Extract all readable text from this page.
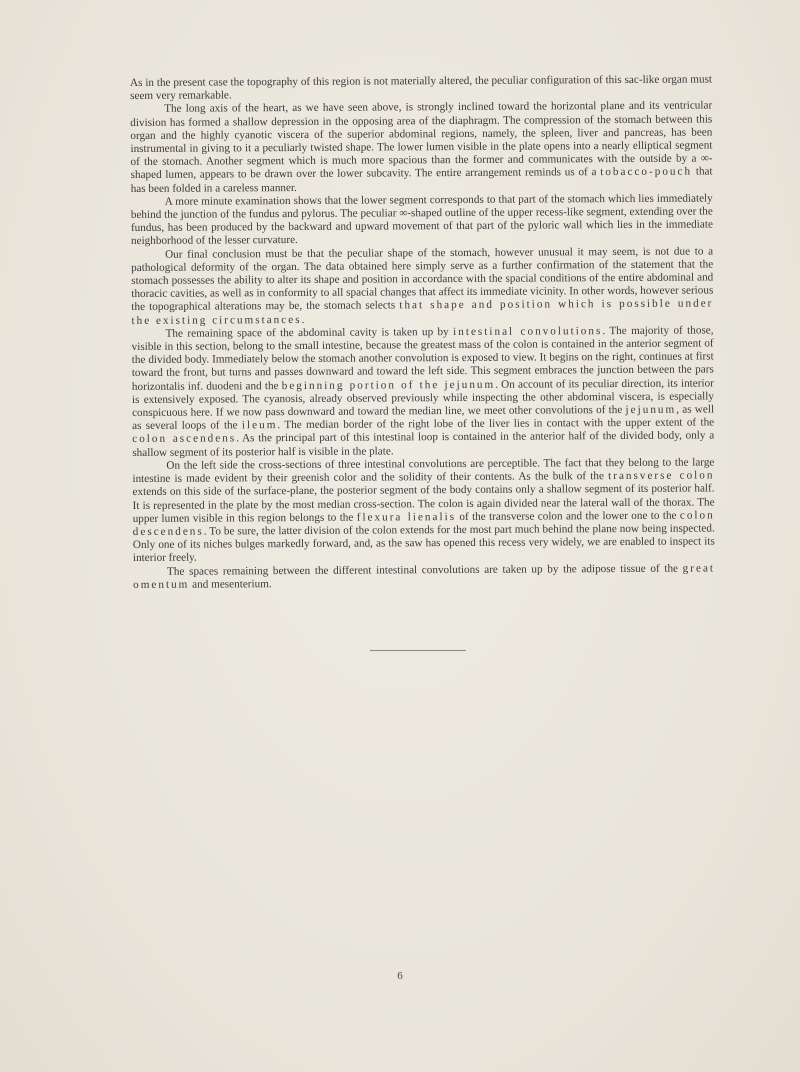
As in the present case the topography of this region is not materially altered, the peculiar configuration of this sac-like organ must seem very remarkable.

The long axis of the heart, as we have seen above, is strongly inclined toward the horizontal plane and its ventricular division has formed a shallow depression in the opposing area of the diaphragm. The compression of the stomach between this organ and the highly cyanotic viscera of the superior abdominal regions, namely, the spleen, liver and pancreas, has been instrumental in giving to it a peculiarly twisted shape. The lower lumen visible in the plate opens into a nearly elliptical segment of the stomach. Another segment which is much more spacious than the former and communicates with the outside by a ∞-shaped lumen, appears to be drawn over the lower subcavity. The entire arrangement reminds us of a tobacco-pouch that has been folded in a careless manner.

A more minute examination shows that the lower segment corresponds to that part of the stomach which lies immediately behind the junction of the fundus and pylorus. The peculiar ∞-shaped outline of the upper recess-like segment, extending over the fundus, has been produced by the backward and upward movement of that part of the pyloric wall which lies in the immediate neighborhood of the lesser curvature.

Our final conclusion must be that the peculiar shape of the stomach, however unusual it may seem, is not due to a pathological deformity of the organ. The data obtained here simply serve as a further confirmation of the statement that the stomach possesses the ability to alter its shape and position in accordance with the spacial conditions of the entire abdominal and thoracic cavities, as well as in conformity to all spacial changes that affect its immediate vicinity. In other words, however serious the topographical alterations may be, the stomach selects that shape and position which is possible under the existing circumstances.

The remaining space of the abdominal cavity is taken up by intestinal convolutions. The majority of those, visible in this section, belong to the small intestine, because the greatest mass of the colon is contained in the anterior segment of the divided body. Immediately below the stomach another convolution is exposed to view. It begins on the right, continues at first toward the front, but turns and passes downward and toward the left side. This segment embraces the junction between the pars horizontalis inf. duodeni and the beginning portion of the jejunum. On account of its peculiar direction, its interior is extensively exposed. The cyanosis, already observed previously while inspecting the other abdominal viscera, is especially conspicuous here. If we now pass downward and toward the median line, we meet other convolutions of the jejunum, as well as several loops of the ileum. The median border of the right lobe of the liver lies in contact with the upper extent of the colon ascendens. As the principal part of this intestinal loop is contained in the anterior half of the divided body, only a shallow segment of its posterior half is visible in the plate.

On the left side the cross-sections of three intestinal convolutions are perceptible. The fact that they belong to the large intestine is made evident by their greenish color and the solidity of their contents. As the bulk of the transverse colon extends on this side of the surface-plane, the posterior segment of the body contains only a shallow segment of its posterior half. It is represented in the plate by the most median cross-section. The colon is again divided near the lateral wall of the thorax. The upper lumen visible in this region belongs to the flexura lienalis of the transverse colon and the lower one to the colon descendens. To be sure, the latter division of the colon extends for the most part much behind the plane now being inspected. Only one of its niches bulges markedly forward, and, as the saw has opened this recess very widely, we are enabled to inspect its interior freely.

The spaces remaining between the different intestinal convolutions are taken up by the adipose tissue of the great omentum and mesenterium.

6
